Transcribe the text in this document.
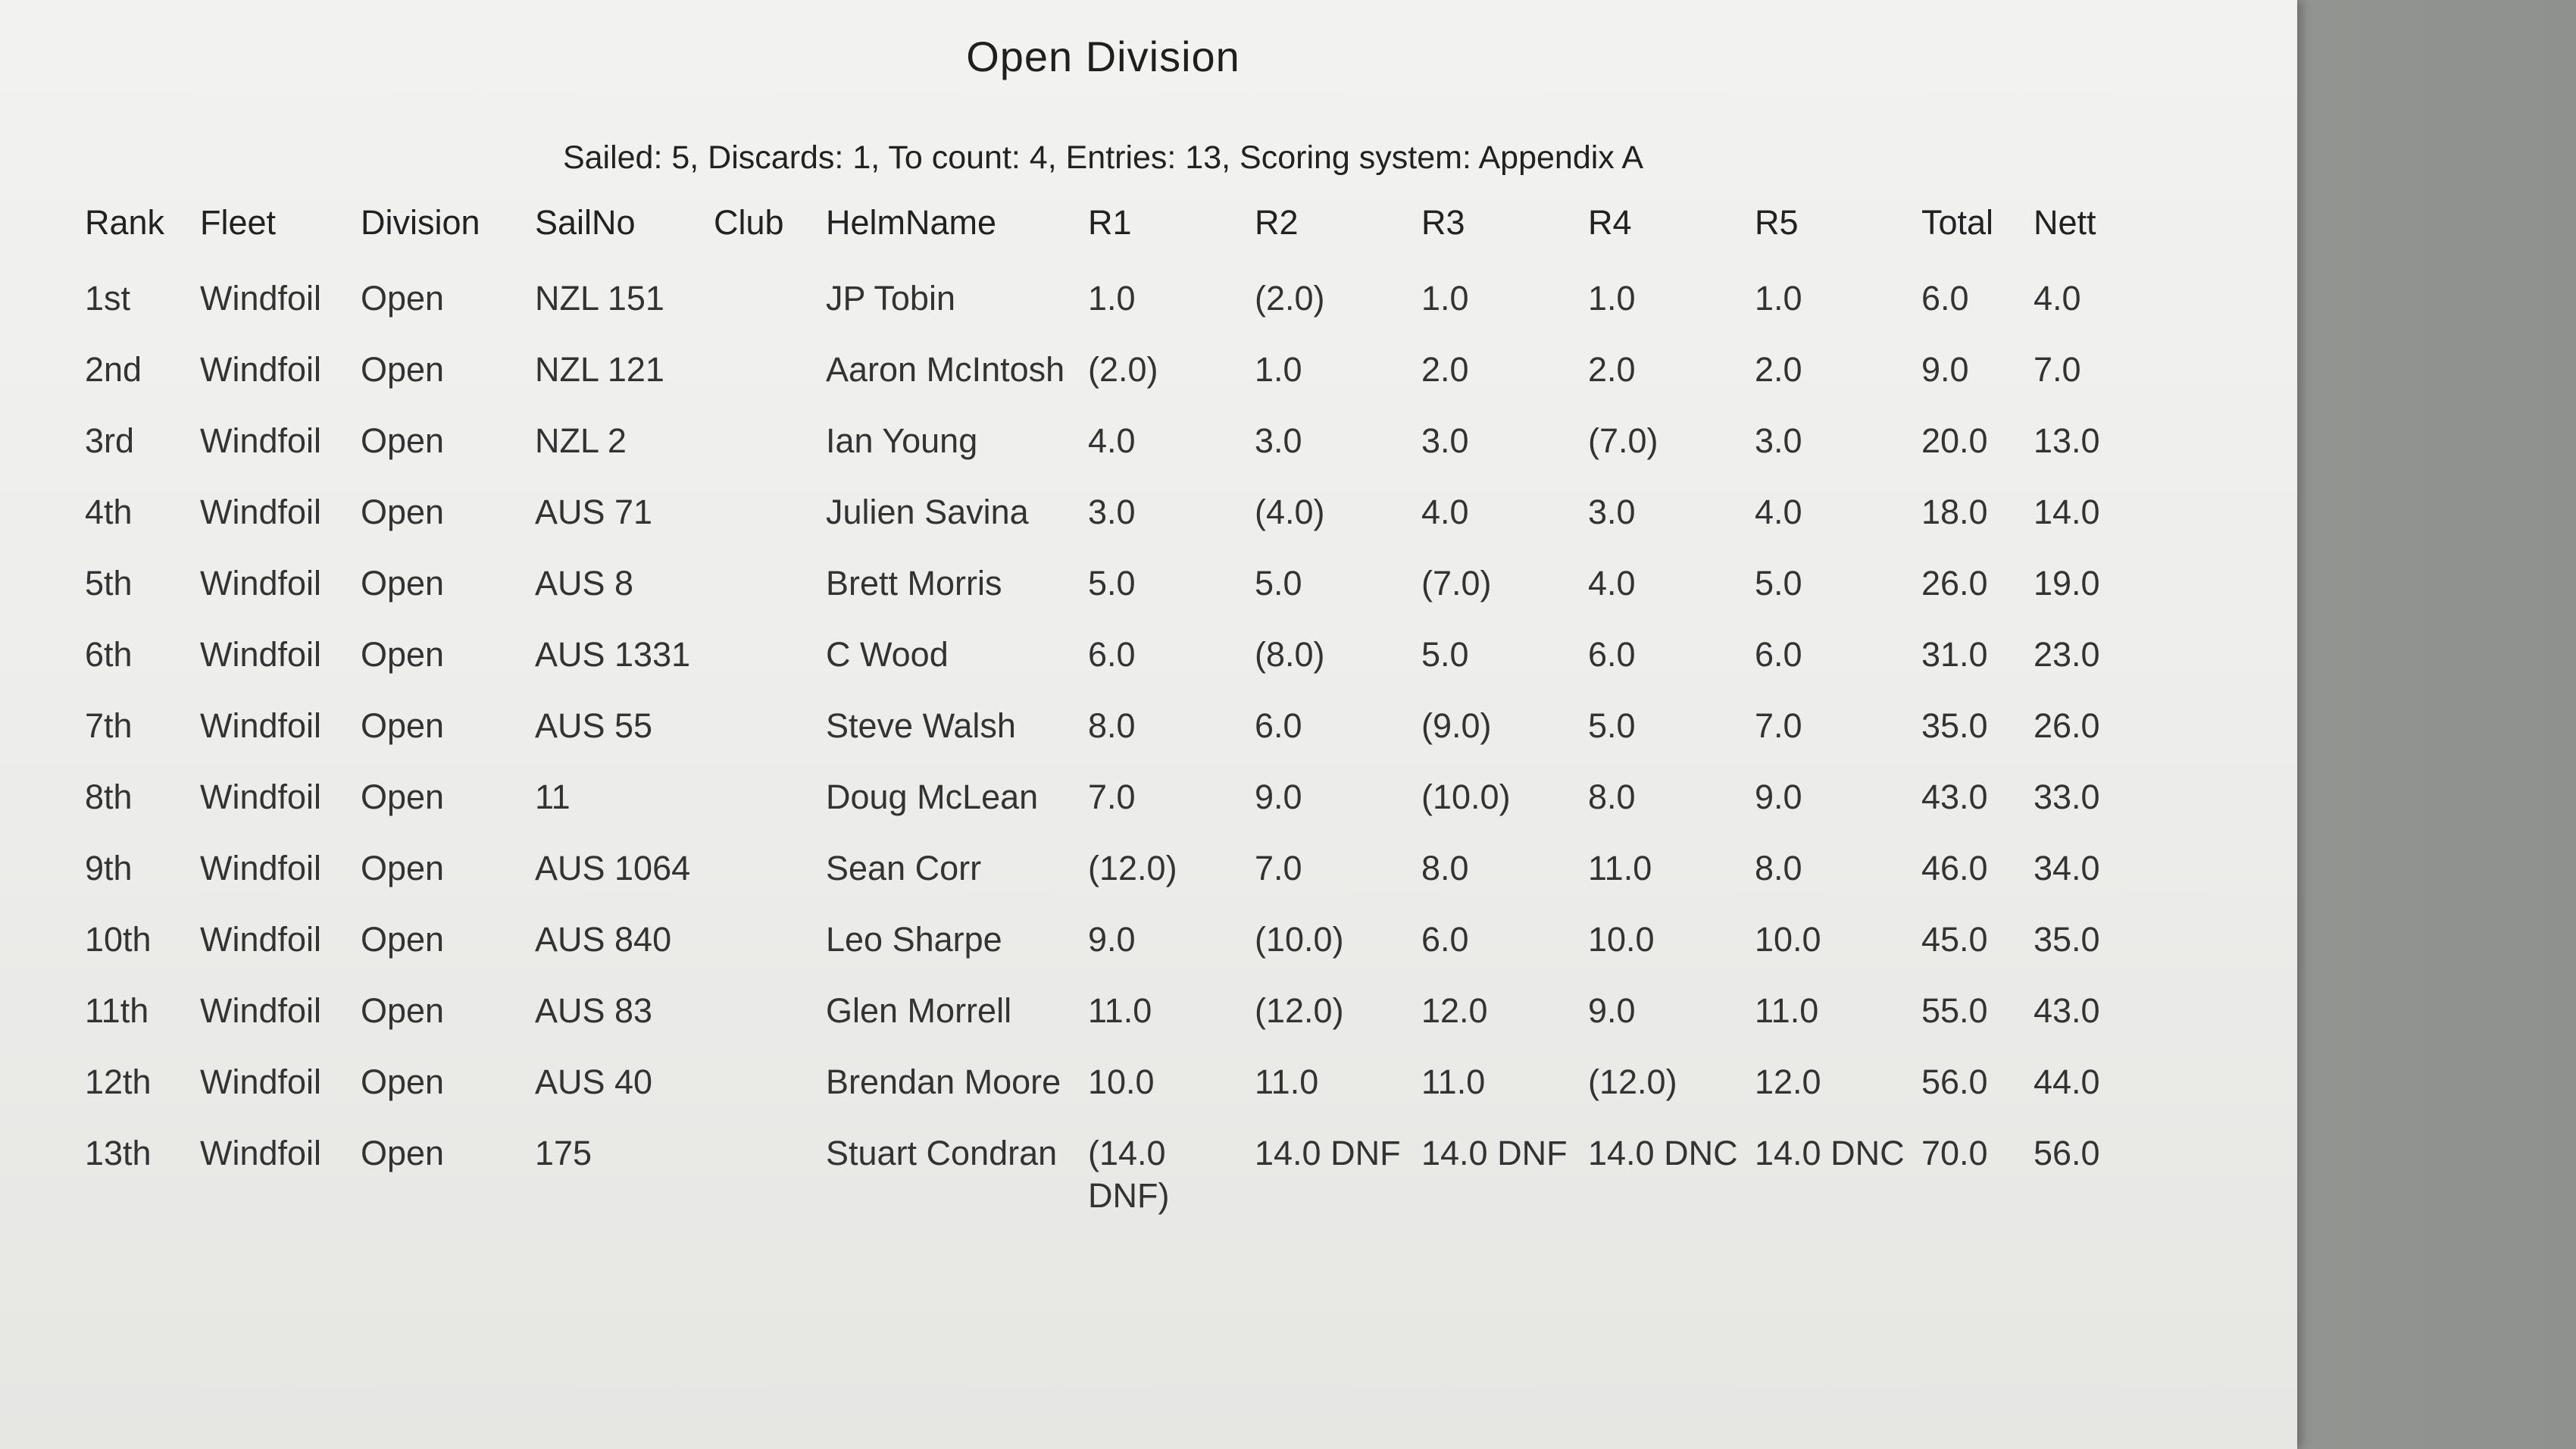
Open Division
Sailed: 5, Discards: 1, To count: 4, Entries: 13, Scoring system: Appendix A
Rank	Fleet	Division	SailNo	Club	HelmName	R1	R2	R3	R4	R5	Total	Nett
1st	Windfoil	Open	NZL 151		JP Tobin	1.0	(2.0)	1.0	1.0	1.0	6.0	4.0
2nd	Windfoil	Open	NZL 121		Aaron McIntosh	(2.0)	1.0	2.0	2.0	2.0	9.0	7.0
3rd	Windfoil	Open	NZL 2		Ian Young	4.0	3.0	3.0	(7.0)	3.0	20.0	13.0
4th	Windfoil	Open	AUS 71		Julien Savina	3.0	(4.0)	4.0	3.0	4.0	18.0	14.0
5th	Windfoil	Open	AUS 8		Brett Morris	5.0	5.0	(7.0)	4.0	5.0	26.0	19.0
6th	Windfoil	Open	AUS 1331		C Wood	6.0	(8.0)	5.0	6.0	6.0	31.0	23.0
7th	Windfoil	Open	AUS 55		Steve Walsh	8.0	6.0	(9.0)	5.0	7.0	35.0	26.0
8th	Windfoil	Open	11		Doug McLean	7.0	9.0	(10.0)	8.0	9.0	43.0	33.0
9th	Windfoil	Open	AUS 1064		Sean Corr	(12.0)	7.0	8.0	11.0	8.0	46.0	34.0
10th	Windfoil	Open	AUS 840		Leo Sharpe	9.0	(10.0)	6.0	10.0	10.0	45.0	35.0
11th	Windfoil	Open	AUS 83		Glen Morrell	11.0	(12.0)	12.0	9.0	11.0	55.0	43.0
12th	Windfoil	Open	AUS 40		Brendan Moore	10.0	11.0	11.0	(12.0)	12.0	56.0	44.0
13th	Windfoil	Open	175		Stuart Condran	(14.0 DNF)	14.0 DNF	14.0 DNF	14.0 DNC	14.0 DNC	70.0	56.0
